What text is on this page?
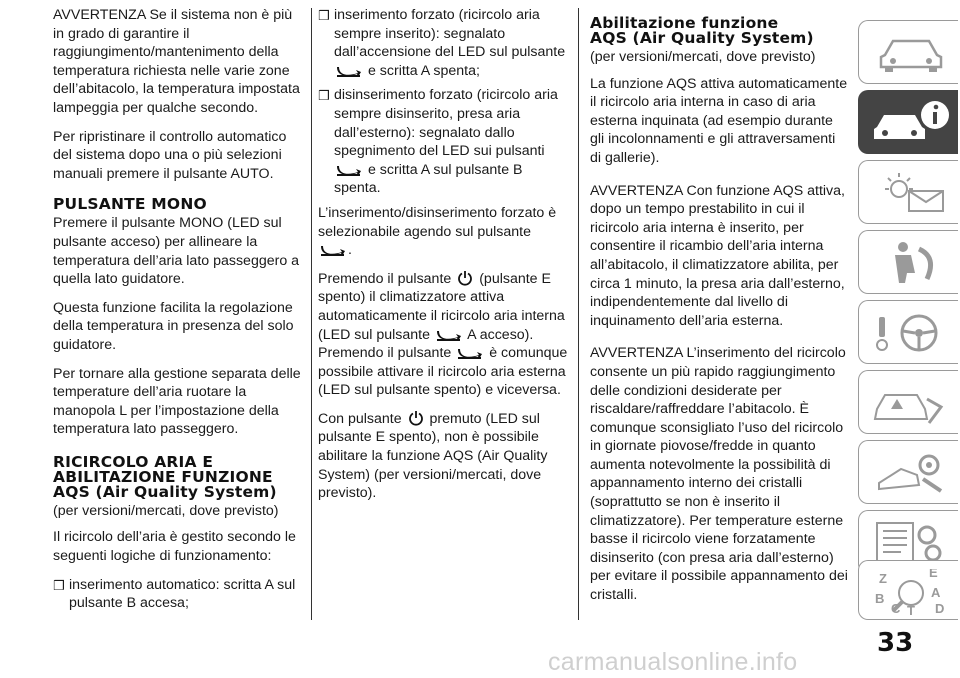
AVVERTENZA Se il sistema non è più in grado di garantire il raggiungimento/mantenimento della temperatura richiesta nelle varie zone dell’abitacolo, la temperatura impostata lampeggia per qualche secondo.

Per ripristinare il controllo automatico del sistema dopo una o più selezioni manuali premere il pulsante AUTO.

PULSANTE MONO

Premere il pulsante MONO (LED sul pulsante acceso) per allineare la temperatura dell’aria lato passeggero a quella lato guidatore.

Questa funzione facilita la regolazione della temperatura in presenza del solo guidatore.

Per tornare alla gestione separata delle temperature dell’aria ruotare la manopola L per l’impostazione della temperatura lato passeggero.

RICIRCOLO ARIA E
ABILITAZIONE FUNZIONE
AQS (Air Quality System)

(per versioni/mercati, dove previsto)

Il ricircolo dell’aria è gestito secondo le seguenti logiche di funzionamento:

❒ inserimento automatico: scritta A sul pulsante B accesa;
❒ inserimento forzato (ricircolo aria sempre inserito): segnalato dall’accensione del LED sul pulsante

e scritta A spenta;
❒ disinserimento forzato (ricircolo aria sempre disinserito, presa aria dall’esterno): segnalato dallo spegnimento del LED sui pulsanti

e scritta A sul pulsante B spenta.

L’inserimento/disinserimento forzato è selezionabile agendo sul pulsante

.

Premendo il pulsante (pulsante E spento) il climatizzatore attiva automaticamente il ricircolo aria interna (LED sul pulsante	A acceso). Premendo il pulsante	è comunque possibile attivare il ricircolo aria esterna (LED sul pulsante spento) e viceversa.

Con pulsante premuto (LED sul pulsante E spento), non è possibile abilitare la funzione AQS (Air Quality System) (per versioni/mercati, dove previsto).

Abilitazione funzione
AQS (Air Quality System)

(per versioni/mercati, dove previsto)

La funzione AQS attiva automaticamente il ricircolo aria interna in caso di aria esterna inquinata (ad esempio durante gli incolonnamenti e gli attraversamenti di gallerie).

AVVERTENZA Con funzione AQS attiva, dopo un tempo prestabilito in cui il ricircolo aria interna è inserito, per consentire il ricambio dell’aria interna all’abitacolo, il climatizzatore abilita, per circa 1 minuto, la presa aria dall’esterno, indipendentemente dal livello di inquinamento dell’aria esterna.

AVVERTENZA L’inserimento del ricircolo consente un più rapido raggiungimento delle condizioni desiderate per riscaldare/raffreddare l’abitacolo. È comunque sconsigliato l’uso del ricircolo in giornate piovose/fredde in quanto aumenta notevolmente la possibilità di appannamento interno dei cristalli (soprattutto se non è inserito il climatizzatore). Per temperature esterne basse il ricircolo viene forzatamente disinserito (con presa aria dall’esterno) per evitare il possibile appannamento dei cristalli.

Z	E
A
B
C T D
33
carmanualsonline.info
